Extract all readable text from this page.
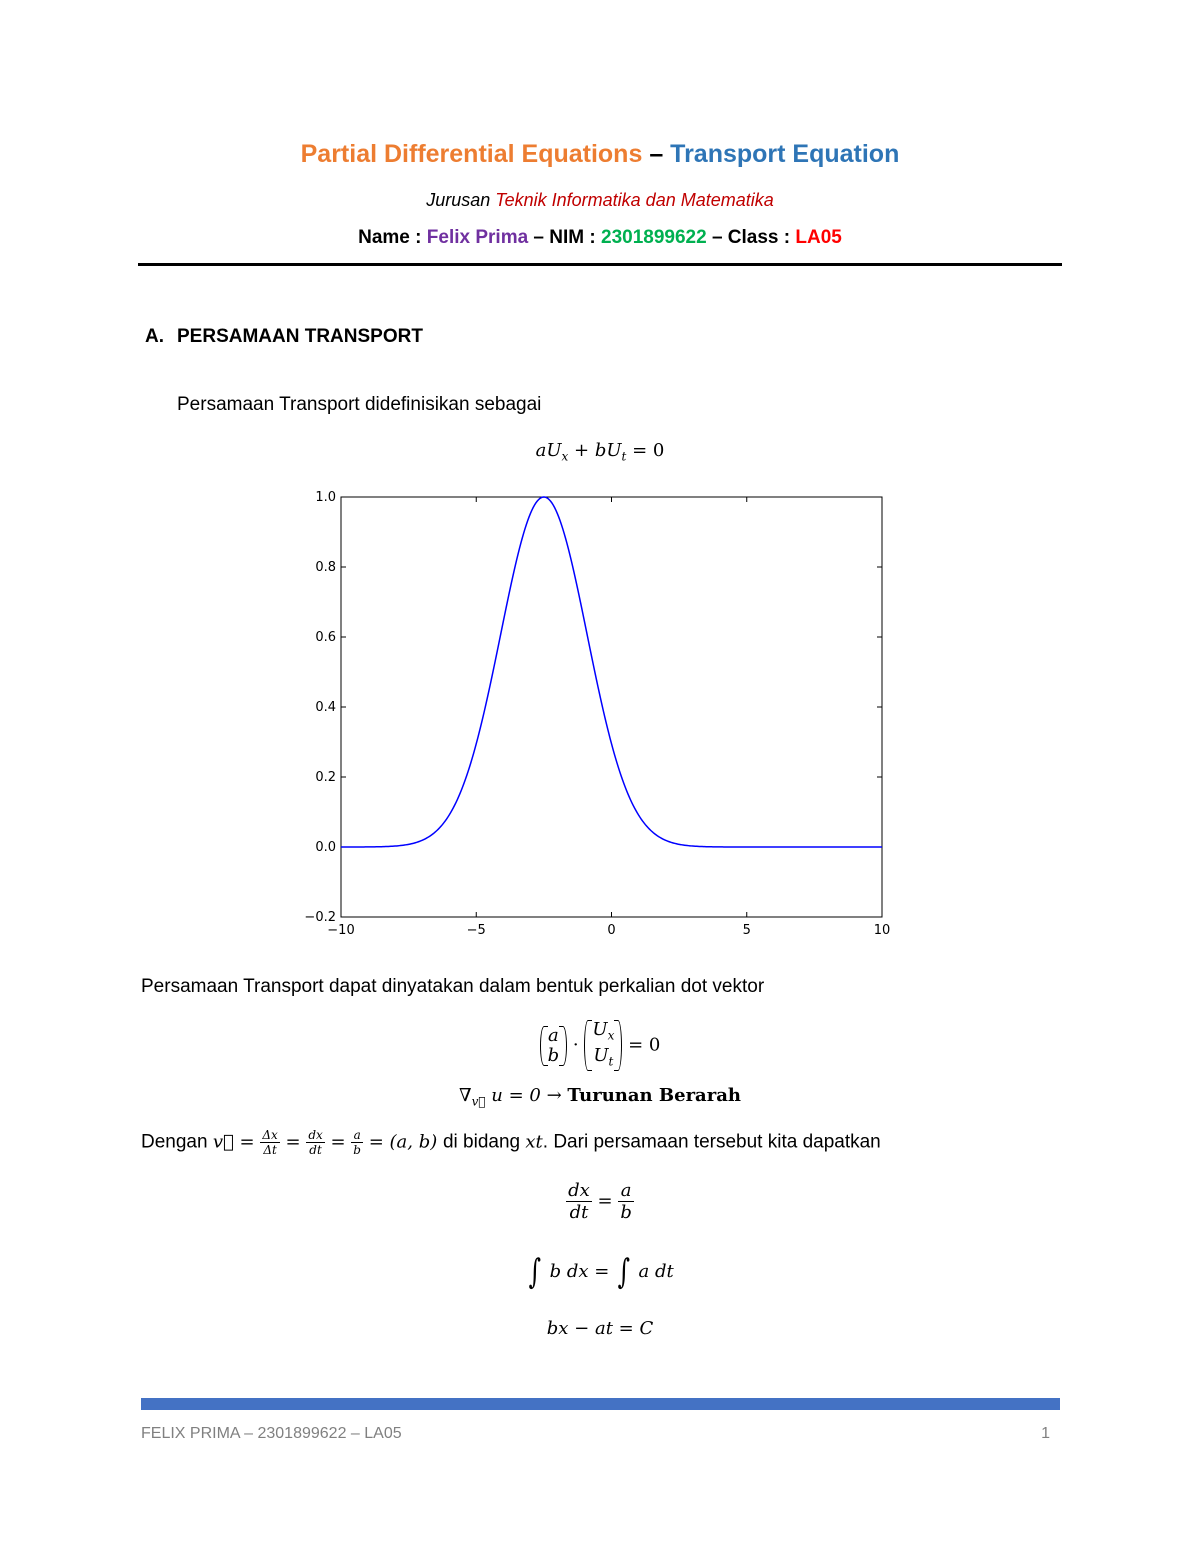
Partial Differential Equations – Transport Equation
Jurusan Teknik Informatika dan Matematika
Name : Felix Prima – NIM : 2301899622 – Class : LA05
A. PERSAMAAN TRANSPORT
Persamaan Transport didefinisikan sebagai
$aU_x + bU_t = 0$
−10	−5	0	5	10
−0.2
0.0
0.2
0.4
0.6
0.8
1.0
Persamaan Transport dapat dinyatakan dalam bentuk perkalian dot vektor
a
b ·
$U_x$
$U_t$
= 0
$\nabla_{v⃗}$ u = 0 → Turunan Berarah
Dengan v⃗ = $\frac{\Delta x}{\Delta t} = \frac{dx}{dt} = \frac{a}{b} = (a$, b) di bidang xt. Dari persamaan tersebut kita dapatkan
$\frac{dx}{dt} = \frac{a}{b}$
∫ b dx = ∫ a dt
bx − at = C
FELIX PRIMA – 2301899622 – LA05	1
